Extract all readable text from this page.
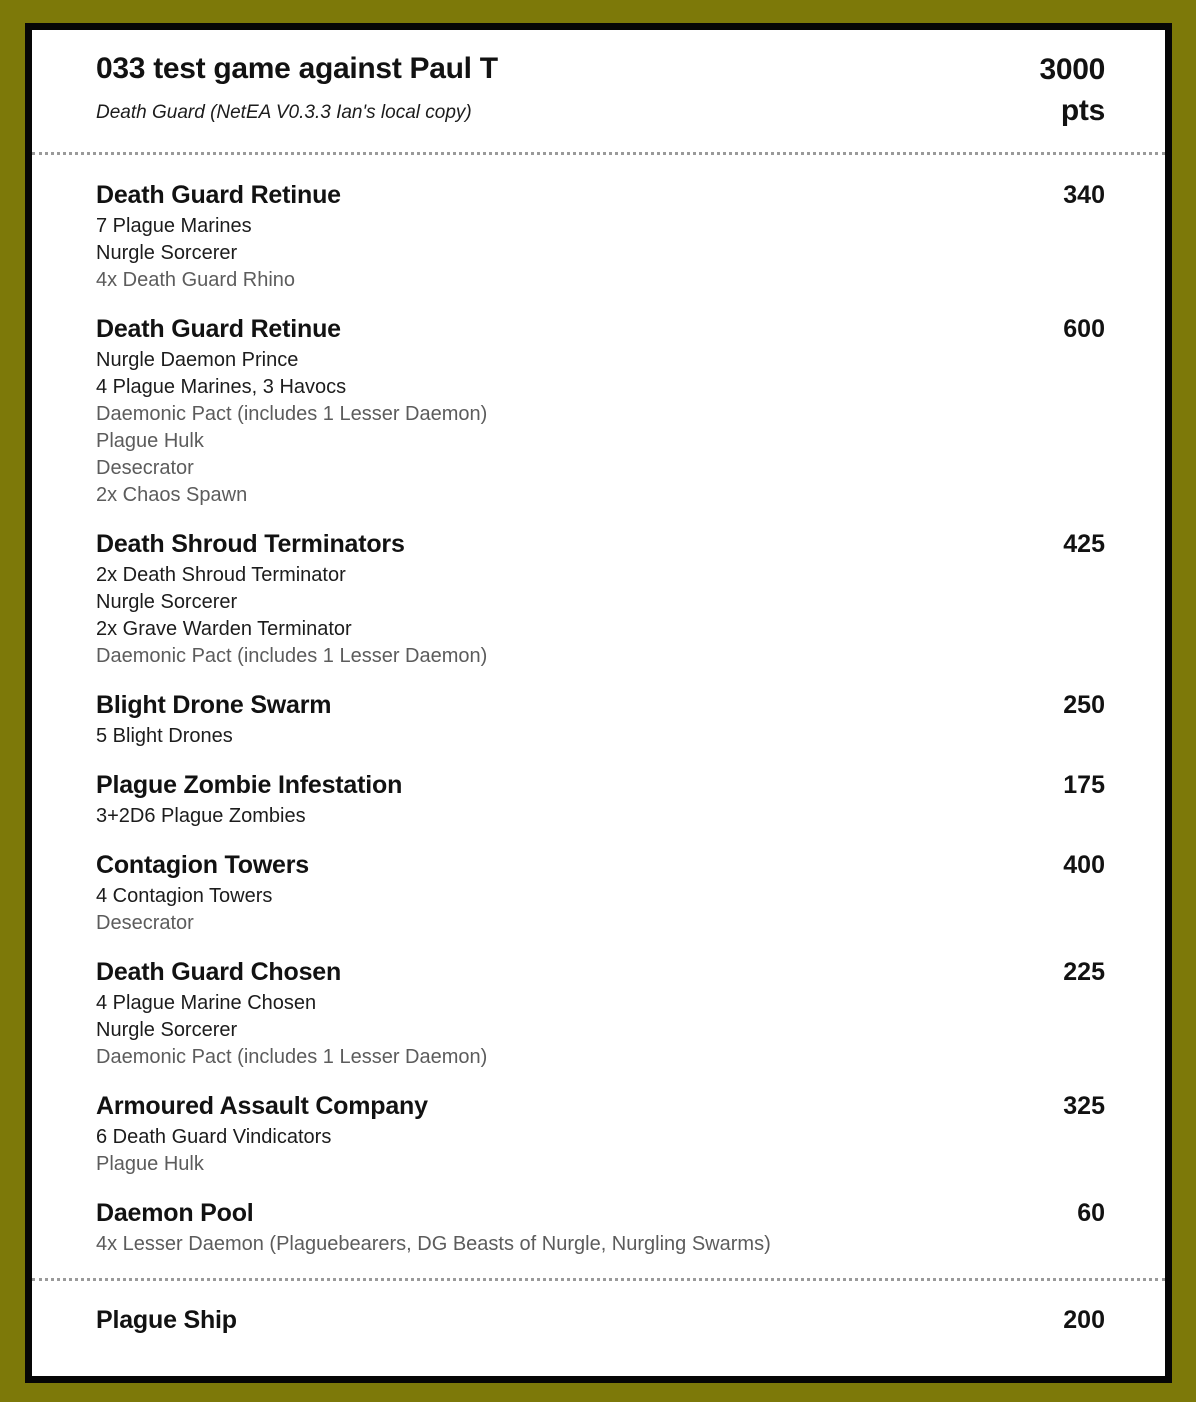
033 test game against Paul T
Death Guard (NetEA V0.3.3 Ian's local copy)
3000 pts
Death Guard Retinue	340
7 Plague Marines
Nurgle Sorcerer
4x Death Guard Rhino
Death Guard Retinue	600
Nurgle Daemon Prince
4 Plague Marines, 3 Havocs
Daemonic Pact (includes 1 Lesser Daemon)
Plague Hulk
Desecrator
2x Chaos Spawn
Death Shroud Terminators	425
2x Death Shroud Terminator
Nurgle Sorcerer
2x Grave Warden Terminator
Daemonic Pact (includes 1 Lesser Daemon)
Blight Drone Swarm	250
5 Blight Drones
Plague Zombie Infestation	175
3+2D6 Plague Zombies
Contagion Towers	400
4 Contagion Towers
Desecrator
Death Guard Chosen	225
4 Plague Marine Chosen
Nurgle Sorcerer
Daemonic Pact (includes 1 Lesser Daemon)
Armoured Assault Company	325
6 Death Guard Vindicators
Plague Hulk
Daemon Pool	60
4x Lesser Daemon (Plaguebearers, DG Beasts of Nurgle, Nurgling Swarms)
Plague Ship	200
